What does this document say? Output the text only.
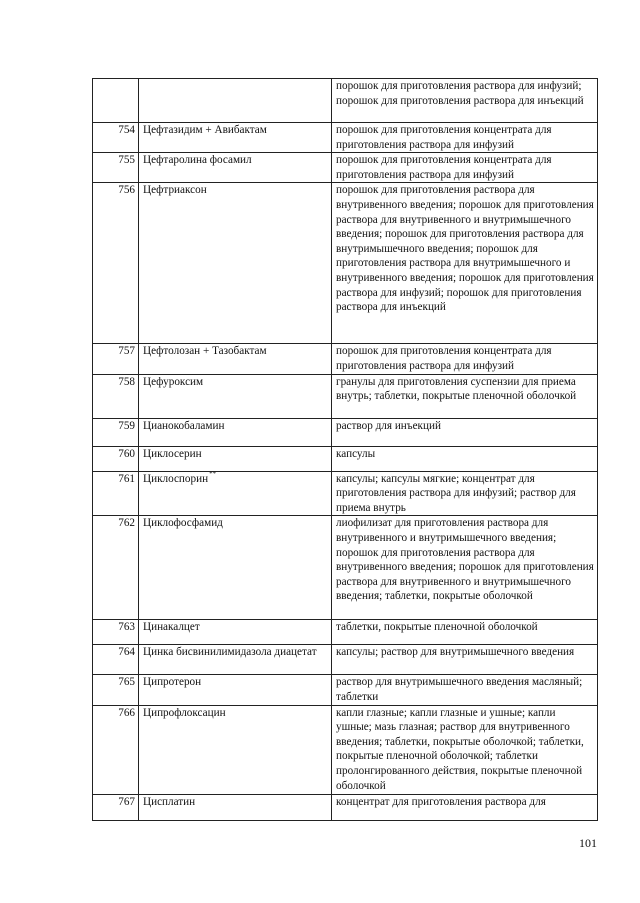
		порошок для приготовления раствора для инфузий; порошок для приготовления раствора для инъекций
754	Цефтазидим + Авибактам	порошок для приготовления концентрата для приготовления раствора для инфузий
755	Цефтаролина фосамил	порошок для приготовления концентрата для приготовления раствора для инфузий
756	Цефтриаксон	порошок для приготовления раствора для внутривенного введения; порошок для приготовления раствора для внутривенного и внутримышечного введения; порошок для приготовления раствора для внутримышечного введения; порошок для приготовления раствора для внутримышечного и внутривенного введения; порошок для приготовления раствора для инфузий; порошок для приготовления раствора для инъекций
757	Цефтолозан + Тазобактам	порошок для приготовления концентрата для приготовления раствора для инфузий
758	Цефуроксим	гранулы для приготовления суспензии для приема внутрь; таблетки, покрытые пленочной оболочкой
759	Цианокобаламин	раствор для инъекций
760	Циклосерин	капсулы
761	Циклоспорин**	капсулы; капсулы мягкие; концентрат для приготовления раствора для инфузий; раствор для приема внутрь
762	Циклофосфамид	лиофилизат для приготовления раствора для внутривенного и внутримышечного введения; порошок для приготовления раствора для внутривенного введения; порошок для приготовления раствора для внутривенного и внутримышечного введения; таблетки, покрытые оболочкой
763	Цинакалцет	таблетки, покрытые пленочной оболочкой
764	Цинка бисвинилимидазола диацетат	капсулы; раствор для внутримышечного введения
765	Ципротерон	раствор для внутримышечного введения масляный; таблетки
766	Ципрофлоксацин	капли глазные; капли глазные и ушные; капли ушные; мазь глазная; раствор для внутривенного введения; таблетки, покрытые оболочкой; таблетки, покрытые пленочной оболочкой; таблетки пролонгированного действия, покрытые пленочной оболочкой
767	Цисплатин	концентрат для приготовления раствора для
101
